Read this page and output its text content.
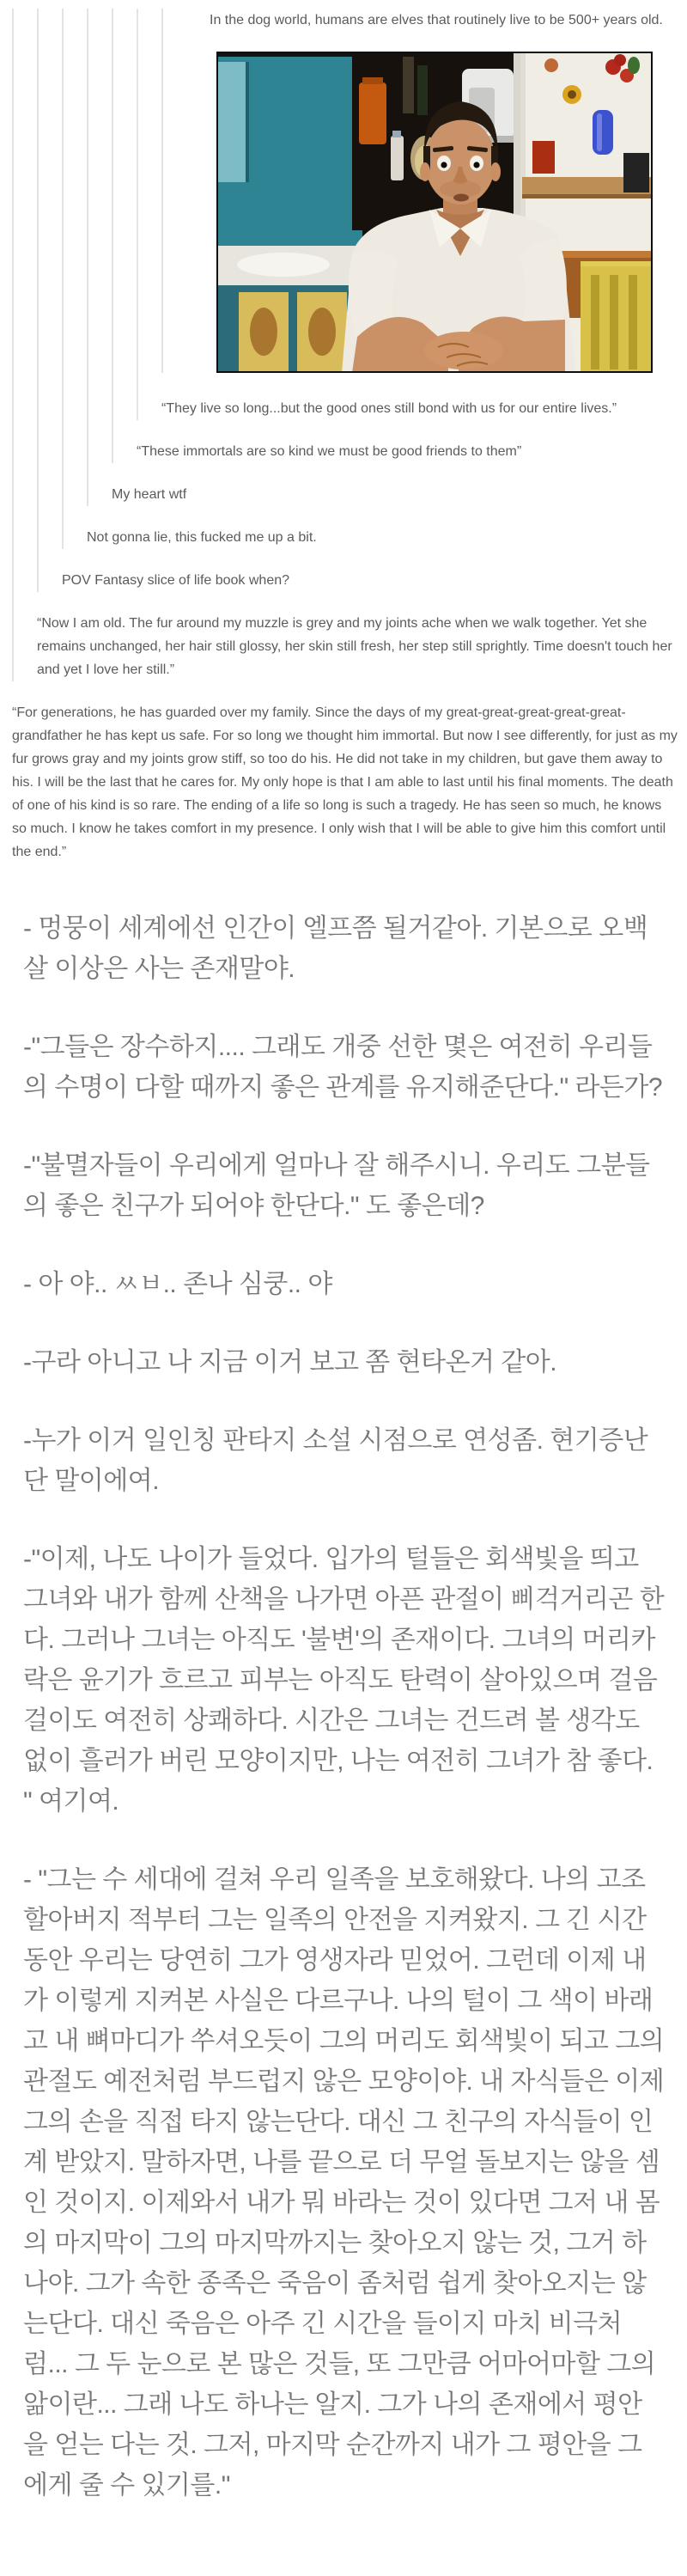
In the dog world, humans are elves that routinely live to be 500+ years old.

“They live so long...but the good ones still bond with us for our entire lives.”

“These immortals are so kind we must be good friends to them”

My heart wtf

Not gonna lie, this fucked me up a bit.

POV Fantasy slice of life book when?

“Now I am old. The fur around my muzzle is grey and my joints ache when we walk together. Yet she remains unchanged, her hair still glossy, her skin still fresh, her step still sprightly. Time doesn't touch her and yet I love her still.”

“For generations, he has guarded over my family. Since the days of my great-great-great-great-great-grandfather he has kept us safe. For so long we thought him immortal. But now I see differently, for just as my fur grows gray and my joints grow stiff, so too do his. He did not take in my children, but gave them away to his. I will be the last that he cares for. My only hope is that I am able to last until his final moments. The death of one of his kind is so rare. The ending of a life so long is such a tragedy. He has seen so much, he knows so much. I know he takes comfort in my presence. I only wish that I will be able to give him this comfort until the end.”

- 멍뭉이 세계에선 인간이 엘프쯤 될거같아. 기본으로 오백 살 이상은 사는 존재말야.

-"그들은 장수하지.... 그래도 개중 선한 몇은 여전히 우리들의 수명이 다할 때까지 좋은 관계를 유지해준단다." 라든가?

-"불멸자들이 우리에게 얼마나 잘 해주시니. 우리도 그분들의 좋은 친구가 되어야 한단다." 도 좋은데?

- 아 야.. ㅆㅂ.. 존나 심쿵.. 야

-구라 아니고 나 지금 이거 보고 쫌 현타온거 같아.

-누가 이거 일인칭 판타지 소설 시점으로 연성좀. 현기증난단 말이에여.

-"이제, 나도 나이가 들었다. 입가의 털들은 회색빛을 띄고 그녀와 내가 함께 산책을 나가면 아픈 관절이 삐걱거리곤 한다. 그러나 그녀는 아직도 '불변'의 존재이다. 그녀의 머리카락은 윤기가 흐르고 피부는 아직도 탄력이 살아있으며 걸음걸이도 여전히 상쾌하다. 시간은 그녀는 건드려 볼 생각도 없이 흘러가 버린 모양이지만, 나는 여전히 그녀가 참 좋다. " 여기여.

- "그는 수 세대에 걸쳐 우리 일족을 보호해왔다. 나의 고조할아버지 적부터 그는 일족의 안전을 지켜왔지. 그 긴 시간 동안 우리는 당연히 그가 영생자라 믿었어. 그런데 이제 내가 이렇게 지켜본 사실은 다르구나. 나의 털이 그 색이 바래고 내 뼈마디가 쑤셔오듯이 그의 머리도 회색빛이 되고 그의 관절도 예전처럼 부드럽지 않은 모양이야. 내 자식들은 이제 그의 손을 직접 타지 않는단다. 대신 그 친구의 자식들이 인계 받았지. 말하자면, 나를 끝으로 더 무얼 돌보지는 않을 셈인 것이지. 이제와서 내가 뭐 바라는 것이 있다면 그저 내 몸의 마지막이 그의 마지막까지는 찾아오지 않는 것, 그거 하나야. 그가 속한 종족은 죽음이 좀처럼 쉽게 찾아오지는 않는단다. 대신 죽음은 아주 긴 시간을 들이지 마치 비극처럼... 그 두 눈으로 본 많은 것들, 또 그만큼 어마어마할 그의 앎이란... 그래 나도 하나는 알지. 그가 나의 존재에서 평안을 얻는 다는 것. 그저, 마지막 순간까지 내가 그 평안을 그에게 줄 수 있기를."
